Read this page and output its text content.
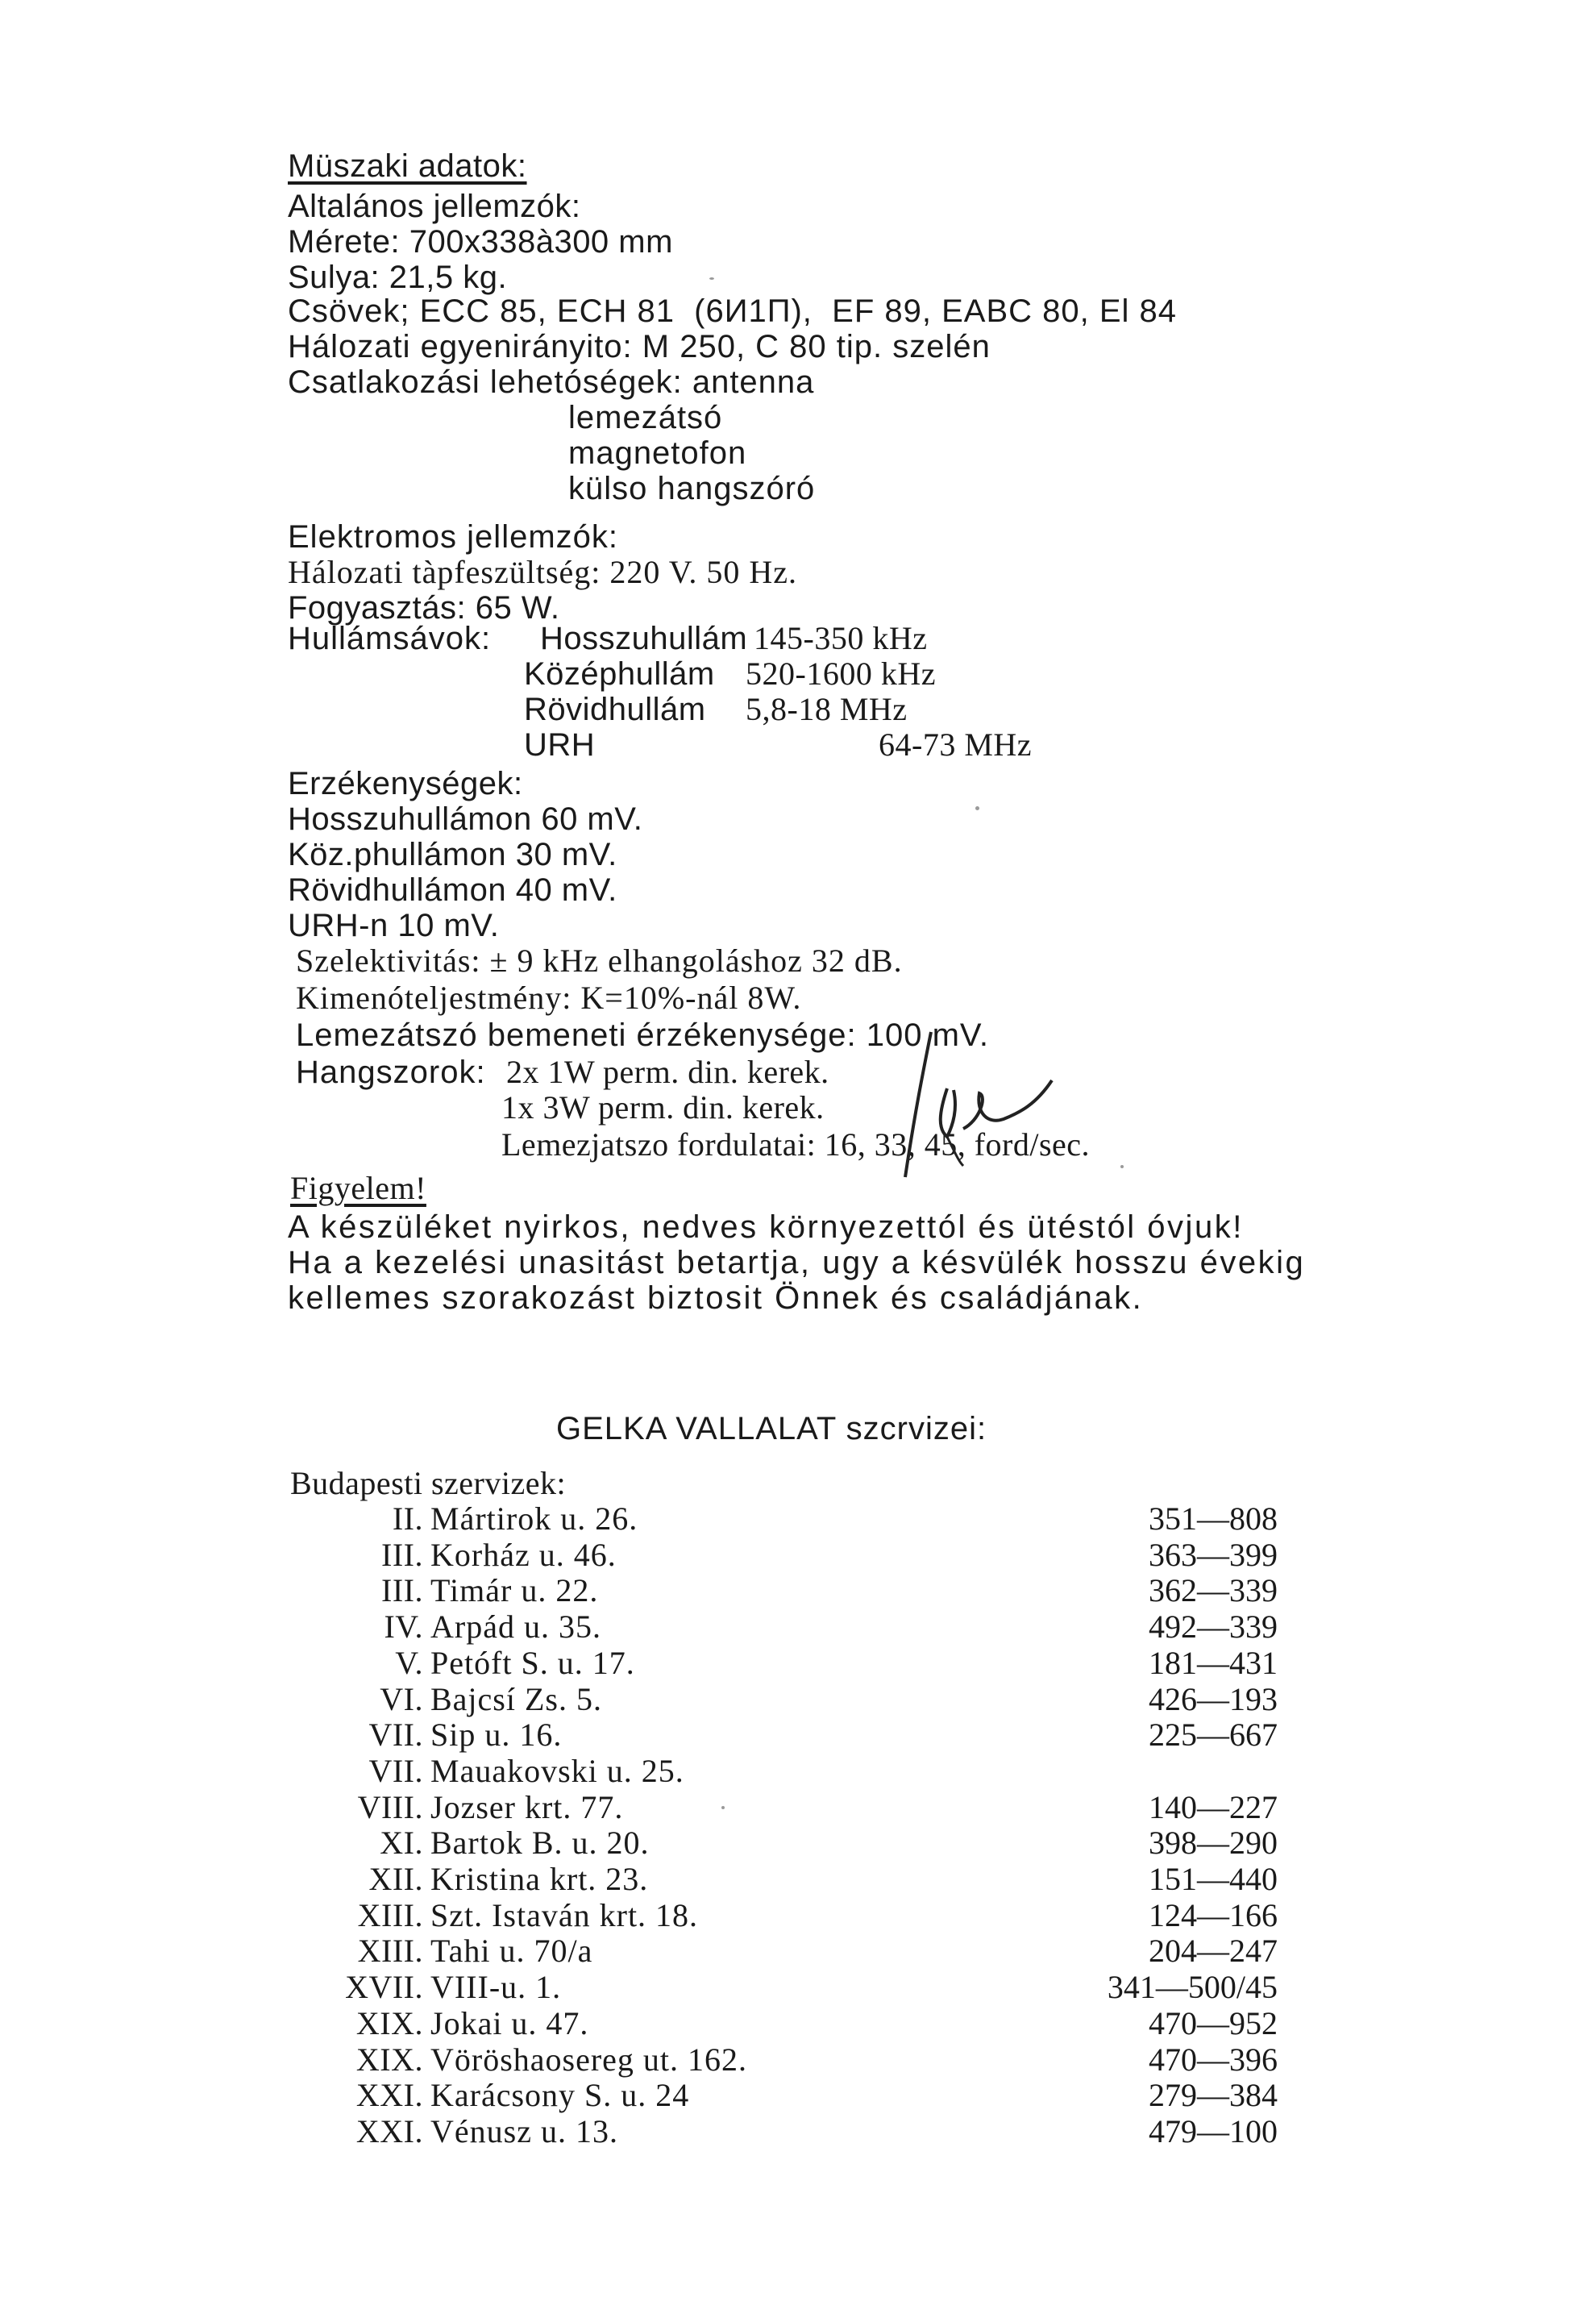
Müszaki adatok:
Altalános jellemzók:
Mérete: 700x338à300 mm
Sulya: 21,5 kg.
Csövek; ECC 85, ECH 81  (6И1П),  EF 89, EABC 80, El 84
Hálozati egyenirányito: M 250, C 80 tip. szelén
Csatlakozási lehetóségek: antenna
lemezátsó
magnetofon
külso hangszóró
Elektromos jellemzók:
Hálozati tàpfeszültség: 220 V. 50 Hz.
Fogyasztás: 65 W.
Hullámsávok: Hosszuhullám 145-350 kHz
Középhullám 520-1600 kHz
Rövidhullám 5,8-18 MHz
URH	64-73 MHz
Erzékenységek:
Hosszuhullámon 60 mV.
Köz.phullámon 30 mV.
Rövidhullámon 40 mV.
URH-n 10 mV.
Szelektivitás: ± 9 kHz elhangoláshoz 32 dB.
Kimenóteljestmény: K=10%-nál 8W.
Lemezátszó bemeneti érzékenysége: 100 mV.
Hangszorok: 2x 1W perm. din. kerek.
1x 3W perm. din. kerek.
Lemezjatszo fordulatai: 16, 33, 45, ford/sec.
Figyelem!
A készüléket nyirkos, nedves környezettól és ütéstól óvjuk!
Ha a kezelési unasitást betartja, ugy a késvülék hosszu évekig
kellemes szorakozást biztosit Önnek és családjának.
GELKA VALLALAT szcrvizei:
Budapesti szervizek:
II. Mártirok u. 26.	351—808
III. Korház u. 46.	363—399
III. Timár u. 22.	362—339
IV. Arpád u. 35.	492—339
V. Petóft S. u. 17.	181—431
VI. Bajcsí Zs. 5.	426—193
VII. Sip u. 16.	225—667
VII. Mauakovski u. 25.
VIII. Jozser krt. 77.	140—227
XI. Bartok B. u. 20.	398—290
XII. Kristina krt. 23.	151—440
XIII. Szt. Istaván krt. 18.	124—166
XIII. Tahi u. 70/a	204—247
XVII. VIII-u. 1.	341—500/45
XIX. Jokai u. 47.	470—952
XIX. Vöröshaosereg ut. 162.	470—396
XXI. Karácsony S. u. 24	279—384
XXI. Vénusz u. 13.	479—100
